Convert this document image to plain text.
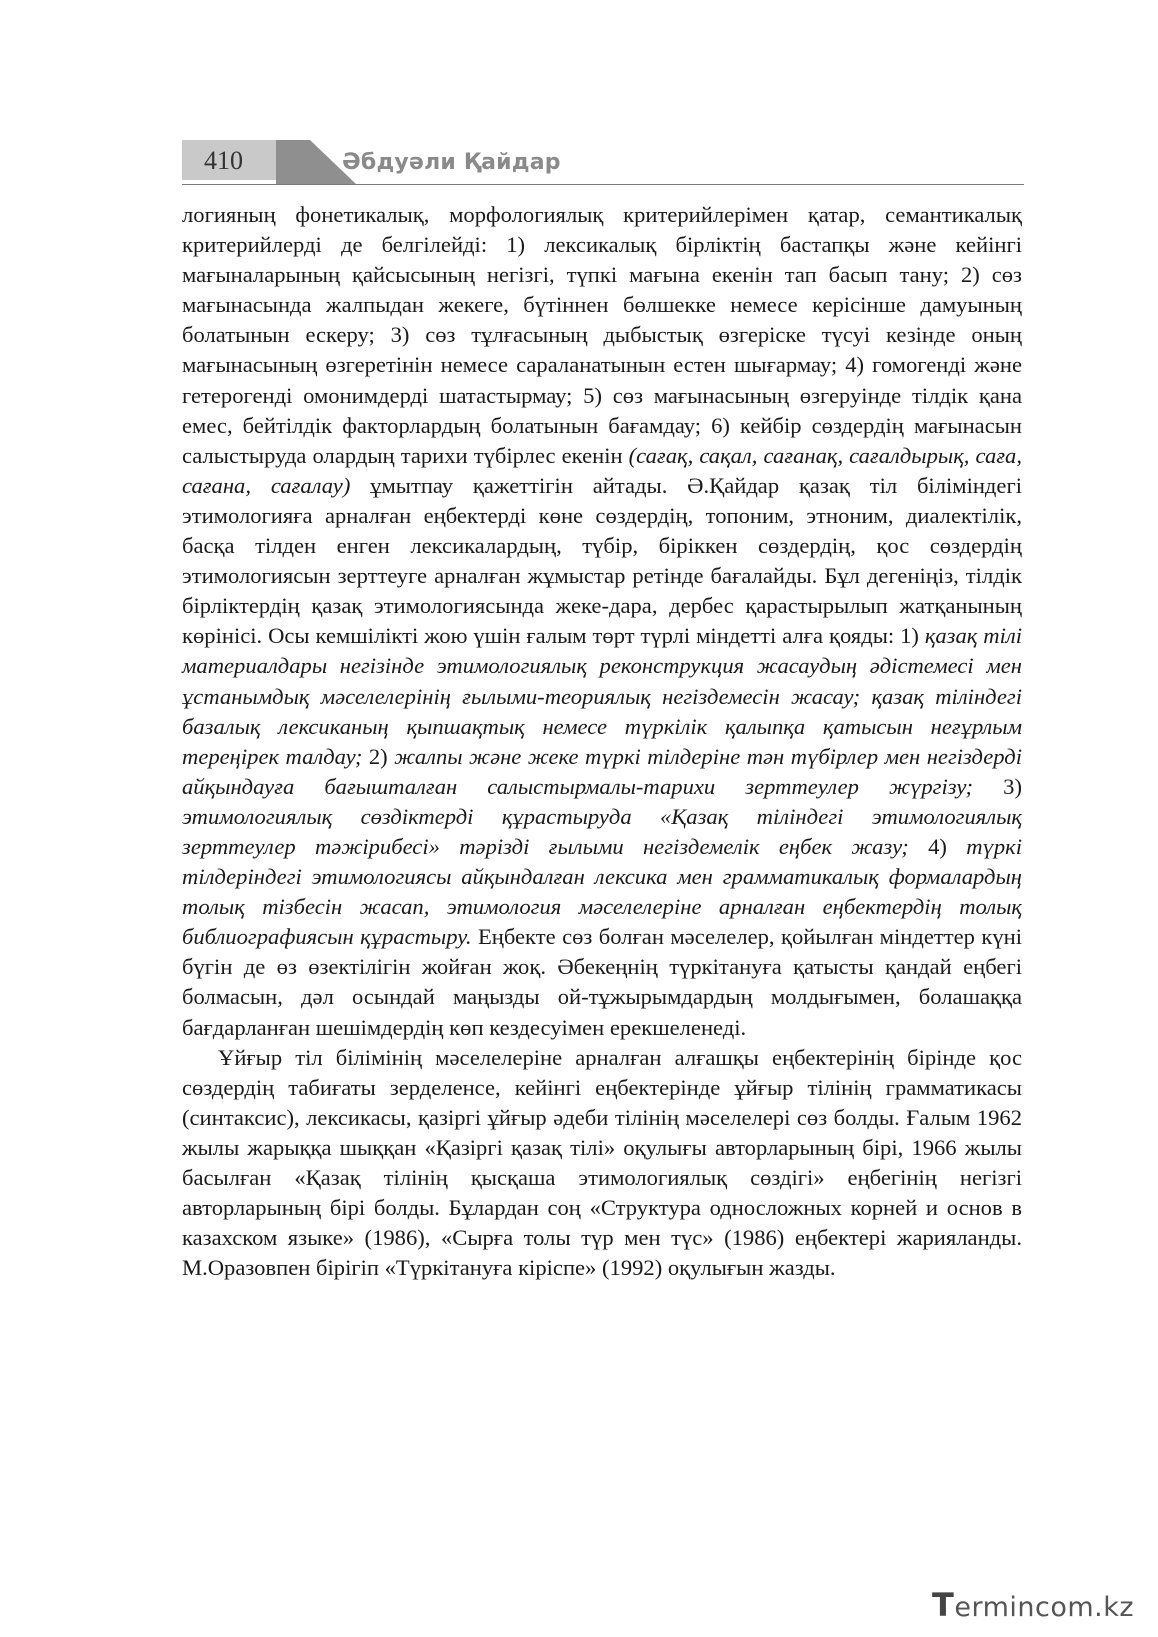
410	Әбдуәли Қайдар

логияның фонетикалық, морфологиялық критерийлерімен қатар, семантикалық критерийлерді де белгілейді: 1) лексикалық бірліктің бастапқы және кейінгі мағыналарының қайсысының негізгі, түпкі мағына екенін тап басып тану; 2) сөз мағынасында жалпыдан жекеге, бүтіннен бөлшекке немесе керісінше дамуының болатынын ескеру; 3) сөз тұлғасының дыбыстық өзгеріске түсуі кезінде оның мағынасының өзгеретінін немесе сараланатынын естен шығармау; 4) гомогенді және гетерогенді омонимдерді шатастырмау; 5) сөз мағынасының өзгеруінде тілдік қана емес, бейтілдік факторлардың болатынын бағамдау; 6) кейбір сөздердің мағынасын салыстыруда олардың тарихи түбірлес екенін (сағақ, сақал, сағанақ, сағалдырық, саға, сағана, сағалау) ұмытпау қажеттігін айтады. Ә.Қайдар қазақ тіл біліміндегі этимологияға арналған еңбектерді көне сөздердің, топоним, этноним, диалектілік, басқа тілден енген лексикалардың, түбір, біріккен сөздердің, қос сөздердің этимологиясын зерттеуге арналған жұмыстар ретінде бағалайды. Бұл дегеніңіз, тілдік бірліктердің қазақ этимологиясында жеке-дара, дербес қарастырылып жатқанының көрінісі. Осы кемшілікті жою үшін ғалым төрт түрлі міндетті алға қояды: 1) қазақ тілі материалдары негізінде этимологиялық реконструкция жасаудың әдістемесі мен ұстанымдық мәселелерінің ғылыми-теориялық негіздемесін жасау; қазақ тіліндегі базалық лексиканың қыпшақтық немесе түркілік қалыпқа қатысын неғұрлым тереңірек талдау; 2) жалпы және жеке түркі тілдеріне тән түбірлер мен негіздерді айқындауға бағышталған салыстырмалы-тарихи зерттеулер жүргізу; 3) этимологиялық сөздіктерді құрастыруда «Қазақ тіліндегі этимологиялық зерттеулер тәжірибесі» тәрізді ғылыми негіздемелік еңбек жазу; 4) түркі тілдеріндегі этимологиясы айқындалған лексика мен грамматикалық формалардың толық тізбесін жасап, этимология мәселелеріне арналған еңбектердің толық библиографиясын құрастыру. Еңбекте сөз болған мәселелер, қойылған міндеттер күні бүгін де өз өзектілігін жойған жоқ. Әбекеңнің түркітануға қатысты қандай еңбегі болмасын, дәл осындай маңызды ой-тұжырымдардың молдығымен, болашаққа бағдарланған шешімдердің көп кездесуімен ерекшеленеді.

Ұйғыр тіл білімінің мәселелеріне арналған алғашқы еңбектерінің бірінде қос сөздердің табиғаты зерделенсе, кейінгі еңбектерінде ұйғыр тілінің грамматикасы (синтаксис), лексикасы, қазіргі ұйғыр әдеби тілінің мәселелері сөз болды. Ғалым 1962 жылы жарыққа шыққан «Қазіргі қазақ тілі» оқулығы авторларының бірі, 1966 жылы басылған «Қазақ тілінің қысқаша этимологиялық сөздігі» еңбегінің негізгі авторларының бірі болды. Бұлардан соң «Структура односложных корней и основ в казахском языке» (1986), «Сырға толы түр мен түс» (1986) еңбектері жарияланды. М.Оразовпен бірігіп «Түркітануға кіріспе» (1992) оқулығын жазды.

Termincom.kz
